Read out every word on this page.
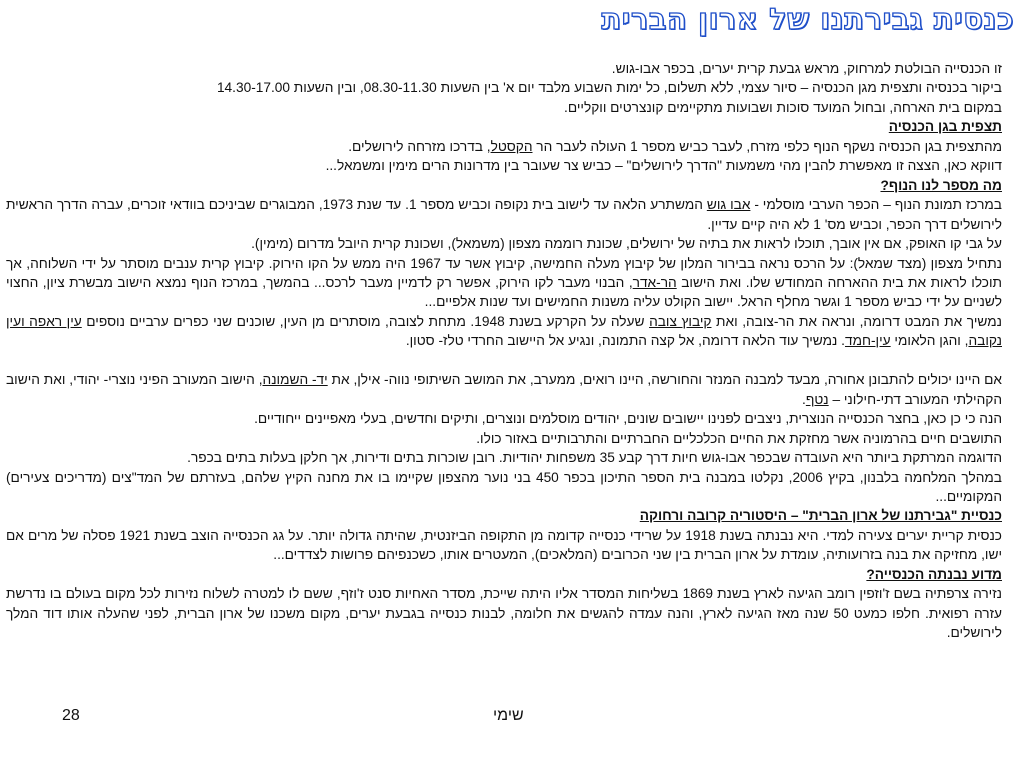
כנסית גבירתנו של ארון הברית

זו הכנסייה הבולטת למרחוק, מראש גבעת קרית יערים, בכפר אבו-גוש.

ביקור בכנסיה ותצפית מגן הכנסיה – סיור עצמי, ללא תשלום, כל ימות השבוע מלבד יום א' בין השעות 08.30-11.30, ובין השעות 14.30-17.00

במקום בית הארחה, ובחול המועד סוכות ושבועות מתקיימים קונצרטים ווקליים.

תצפית בגן הכנסיה

מהתצפית בגן הכנסיה נשקף הנוף כלפי מזרח, לעבר כביש מספר 1 העולה לעבר הר הקסטל, בדרכו מזרחה לירושלים.

דווקא כאן, הצצה זו מאפשרת להבין מהי משמעות "הדרך לירושלים" – כביש צר שעובר בין מדרונות הרים מימין ומשמאל...

מה מספר לנו הנוף?

במרכז תמונת הנוף – הכפר הערבי מוסלמי - אבו גוש המשתרע הלאה עד לישוב בית נקופה וכביש מספר 1. עד שנת 1973, המבוגרים שביניכם בוודאי זוכרים, עברה הדרך הראשית לירושלים דרך הכפר, וכביש מס' 1 לא היה קיים עדיין.

על גבי קו האופק, אם אין אובך, תוכלו לראות את בתיה של ירושלים, שכונת רוממה מצפון (משמאל), ושכונת קרית היובל מדרום (מימין).

נתחיל מצפון (מצד שמאל): על הרכס נראה בבירור המלון של קיבוץ מעלה החמישה, קיבוץ אשר עד 1967 היה ממש על הקו הירוק. קיבוץ קרית ענבים מוסתר על ידי השלוחה, אך תוכלו לראות את בית ההארחה המחודש שלו. ואת הישוב הר-אדר, הבנוי מעבר לקו הירוק, אפשר רק לדמיין מעבר לרכס... בהמשך, במרכז הנוף נמצא הישוב מבשרת ציון, החצוי לשניים על ידי כביש מספר 1 וגשר מחלף הראל. יישוב הקולט עליה משנות החמישים ועד שנות אלפיים...

נמשיך את המבט דרומה, ונראה את הר-צובה, ואת קיבוץ צובה שעלה על הקרקע בשנת 1948. מתחת לצובה, מוסתרים מן העין, שוכנים שני כפרים ערביים נוספים עין ראפה ועין נקובה, והגן הלאומי עין-חמד. נמשיך עוד הלאה דרומה, אל קצה התמונה, ונגיע אל היישוב החרדי טלז- סטון.

אם היינו יכולים להתבונן אחורה, מבעד למבנה המנזר והחורשה, היינו רואים, ממערב, את המושב השיתופי נווה- אילן, את יד- השמונה, הישוב המעורב הפיני נוצרי- יהודי, ואת הישוב הקהילתי המעורב דתי-חילוני – נטף.

הנה כי כן כאן, בחצר הכנסייה הנוצרית, ניצבים לפנינו יישובים שונים, יהודים מוסלמים ונוצרים, ותיקים וחדשים, בעלי מאפיינים ייחודיים.

התושבים חיים בהרמוניה אשר מחזקת את החיים הכלכליים החברתיים והתרבותיים באזור כולו.

הדוגמה המרתקת ביותר היא העובדה שבכפר אבו-גוש חיות דרך קבע 35 משפחות יהודיות. רובן שוכרות בתים ודירות, אך חלקן בעלות בתים בכפר.

במהלך המלחמה בלבנון, בקיץ 2006, נקלטו במבנה בית הספר התיכון בכפר 450 בני נוער מהצפון שקיימו בו את מחנה הקיץ שלהם, בעזרתם של המד"צים (מדריכים צעירים) המקומיים...

כנסיית "גבירתנו של ארון הברית" – היסטוריה קרובה ורחוקה

כנסית קריית יערים צעירה למדי. היא נבנתה בשנת 1918 על שרידי כנסייה קדומה מן התקופה הביזנטית, שהיתה גדולה יותר. על גג הכנסייה הוצב בשנת 1921 פסלה של מרים אם ישו, מחזיקה את בנה בזרועותיה, עומדת על ארון הברית בין שני הכרובים (המלאכים), המעטרים אותו, כשכנפיהם פרושות לצדדים...

מדוע נבנתה הכנסייה?

נזירה צרפתיה בשם ז'וזפין רומב הגיעה לארץ בשנת 1869 בשליחות המסדר אליו היתה שייכת, מסדר האחיות סנט ז'וזף, ששם לו למטרה לשלוח נזירות לכל מקום בעולם בו נדרשת עזרה רפואית. חלפו כמעט 50 שנה מאז הגיעה לארץ, והנה עמדה להגשים את חלומה, לבנות כנסייה בגבעת יערים, מקום משכנו של ארון הברית, לפני שהעלה אותו דוד המלך לירושלים.

28	שימי
